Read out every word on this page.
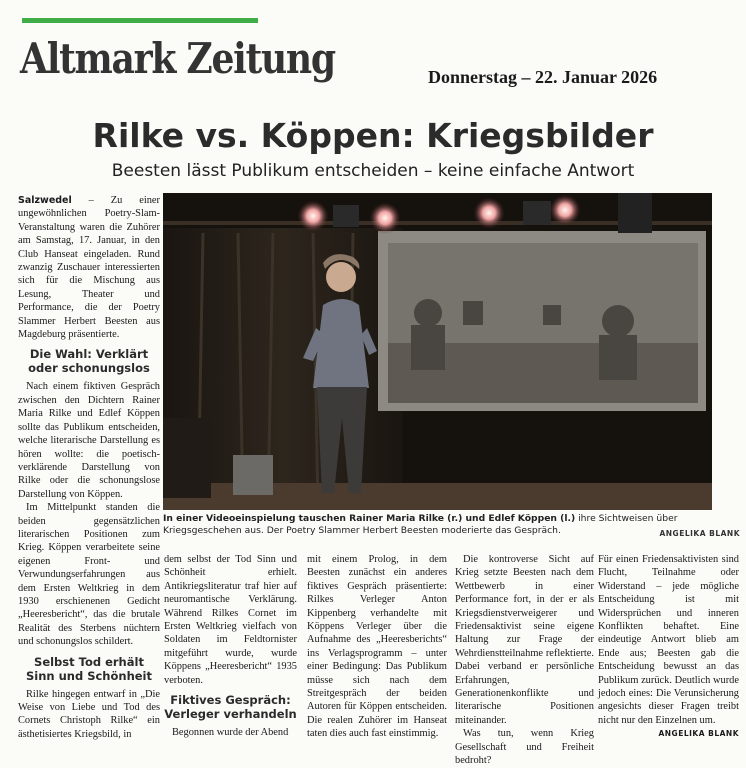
Altmark Zeitung	Donnerstag – 22. Januar 2026
Rilke vs. Köppen: Kriegsbilder
Beesten lässt Publikum entscheiden – keine einfache Antwort

Salzwedel – Zu einer ungewöhnlichen Poetry-Slam-Veranstaltung waren die Zuhörer am Samstag, 17. Januar, in den Club Hanseat eingeladen. Rund zwanzig Zuschauer interessierten sich für die Mischung aus Lesung, Theater und Performance, die der Poetry Slammer Herbert Beesten aus Magdeburg präsentierte.

Die Wahl: Verklärt oder schonungslos

Nach einem fiktiven Gespräch zwischen den Dichtern Rainer Maria Rilke und Edlef Köppen sollte das Publikum entscheiden, welche literarische Darstellung es hören wollte: die poetisch-verklärende Darstellung von Rilke oder die schonungslose Darstellung von Köppen.

Im Mittelpunkt standen die beiden gegensätzlichen literarischen Positionen zum Krieg. Köppen verarbeitete seine eigenen Front- und Verwundungserfahrungen aus dem Ersten Weltkrieg in dem 1930 erschienenen Gedicht „Heeresbericht“, das die brutale Realität des Sterbens nüchtern und schonungslos schildert.

Selbst Tod erhält Sinn und Schönheit

Rilke hingegen entwarf in „Die Weise von Liebe und Tod des Cornets Christoph Rilke“ ein ästhetisiertes Kriegsbild, in

In einer Videoeinspielung tauschen Rainer Maria Rilke (r.) und Edlef Köppen (l.) ihre Sichtweisen über Kriegsgeschehen aus. Der Poetry Slammer Herbert Beesten moderierte das Gespräch.	ANGELIKA BLANK

dem selbst der Tod Sinn und Schönheit erhielt. Antikriegsliteratur traf hier auf neuromantische Verklärung. Während Rilkes Cornet im Ersten Weltkrieg vielfach von Soldaten im Feldtornister mitgeführt wurde, wurde Köppens „Heeresbericht“ 1935 verboten.

Fiktives Gespräch: Verleger verhandeln

Begonnen wurde der Abend

mit einem Prolog, in dem Beesten zunächst ein anderes fiktives Gespräch präsentierte: Rilkes Verleger Anton Kippenberg verhandelte mit Köppens Verleger über die Aufnahme des „Heeresberichts“ ins Verlagsprogramm – unter einer Bedingung: Das Publikum müsse sich nach dem Streitgespräch der beiden Autoren für Köppen entscheiden. Die realen Zuhörer im Hanseat taten dies auch fast einstimmig.

Die kontroverse Sicht auf Krieg setzte Beesten nach dem Wettbewerb in einer Performance fort, in der er als Kriegsdienstverweigerer und Friedensaktivist seine eigene Haltung zur Frage der Wehrdienstteilnahme reflektierte. Dabei verband er persönliche Erfahrungen, Generationenkonflikte und literarische Positionen miteinander.

Was tun, wenn Krieg Gesellschaft und Freiheit bedroht?

Für einen Friedensaktivisten sind Flucht, Teilnahme oder Widerstand – jede mögliche Entscheidung ist mit Widersprüchen und inneren Konflikten behaftet. Eine eindeutige Antwort blieb am Ende aus; Beesten gab die Entscheidung bewusst an das Publikum zurück. Deutlich wurde jedoch eines: Die Verunsicherung angesichts dieser Fragen treibt nicht nur den Einzelnen um.

ANGELIKA BLANK
